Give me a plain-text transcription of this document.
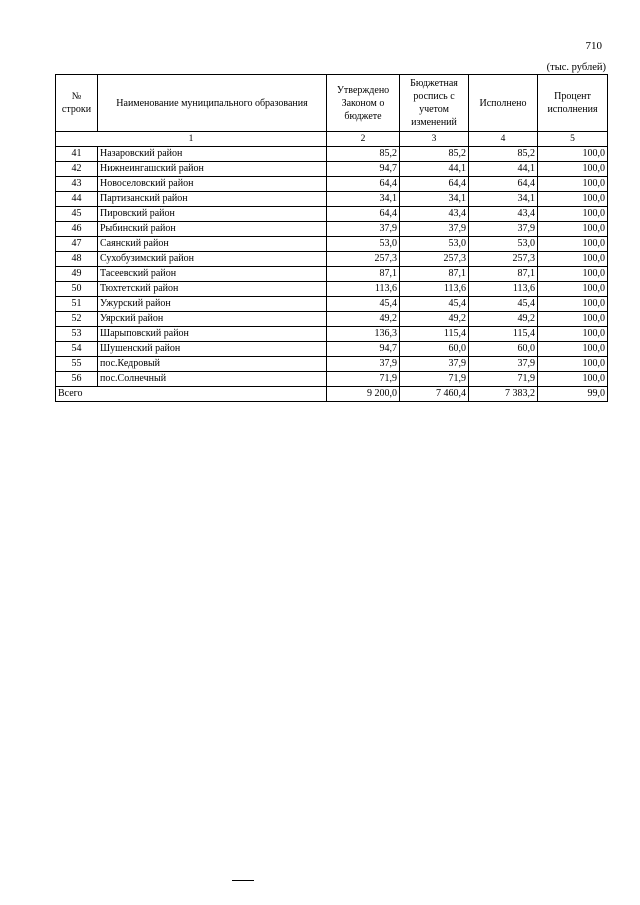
710
(тыс. рублей)
№ строки	Наименование муниципального образования	Утверждено Законом о бюджете	Бюджетная роспись с учетом изменений	Исполнено	Процент исполнения
1		2	3	4	5
41	Назаровский район	85,2	85,2	85,2	100,0
42	Нижнеингашский район	94,7	44,1	44,1	100,0
43	Новоселовский район	64,4	64,4	64,4	100,0
44	Партизанский район	34,1	34,1	34,1	100,0
45	Пировский район	64,4	43,4	43,4	100,0
46	Рыбинский район	37,9	37,9	37,9	100,0
47	Саянский район	53,0	53,0	53,0	100,0
48	Сухобузимский район	257,3	257,3	257,3	100,0
49	Тасеевский район	87,1	87,1	87,1	100,0
50	Тюхтетский район	113,6	113,6	113,6	100,0
51	Ужурский район	45,4	45,4	45,4	100,0
52	Уярский район	49,2	49,2	49,2	100,0
53	Шарыповский район	136,3	115,4	115,4	100,0
54	Шушенский район	94,7	60,0	60,0	100,0
55	пос.Кедровый	37,9	37,9	37,9	100,0
56	пос.Солнечный	71,9	71,9	71,9	100,0
Всего		9 200,0	7 460,4	7 383,2	99,0
